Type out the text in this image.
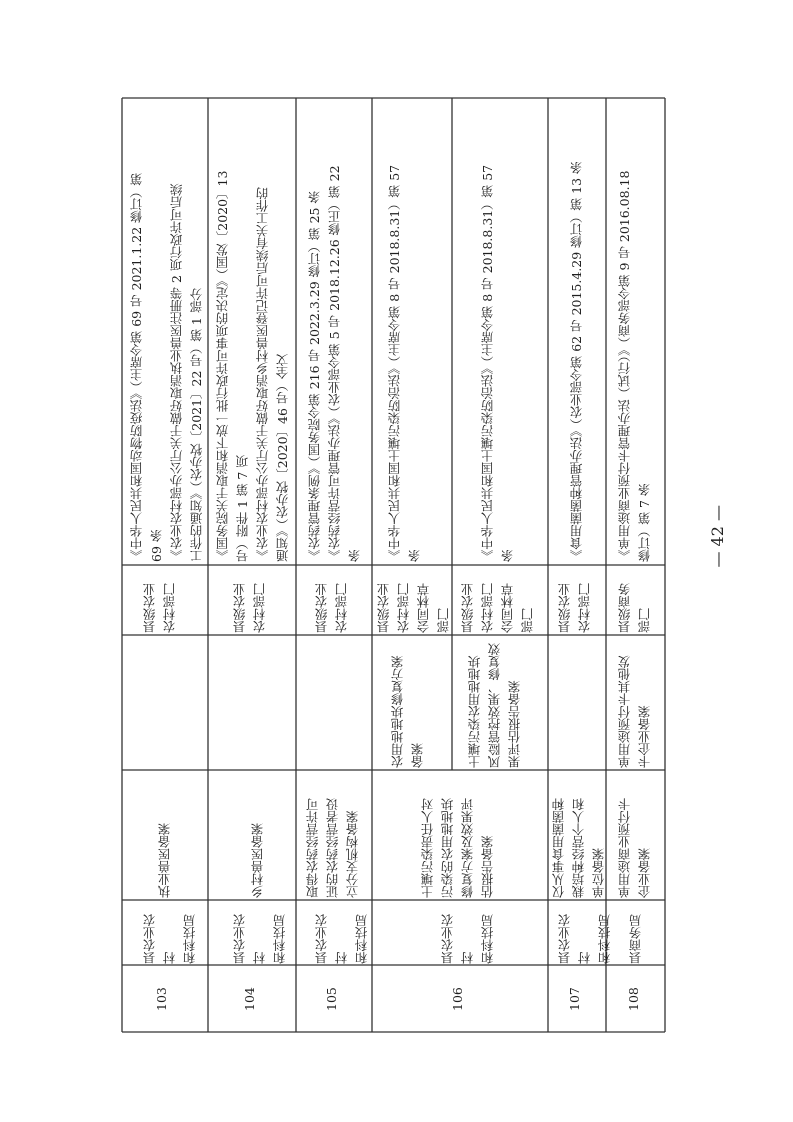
103
县农业农村
和科技局
执业兽医备案
县级农业
农村部门
《中华人民共和国动物防疫法》（主席令第 69 号 2021.1.22 修订）第
69 条
《农业农村部办公厅关于做好取消执业兽医注册等 2 项行政许可后续
工作的通知》（农办牧〔2021〕22 号）第 1 部分
104
县农业农村
和科技局
乡村兽医备案
县级农业
农村部门
《国务院关于取消和下放一批行政许可事项的决定》（国发〔2020〕13
号）附件 1 第 7 项
《农业农村部办公厅关于做好取消乡村兽医登记许可后续有关工作的
通知》（农办牧〔2020〕46 号）全文
105
县农业农村
和科技局
取得农药经营许可
证的农药经营者设
立分支机构备案
县级农业
农村部门
《农药管理条例》（国务院令第 216 号 2022.3.29 修订）第 25 条
《农药经营许可管理办法》（农业部令第 5 号 2018.12.26 修正）第 22
条
106
县农业农村
和科技局
土壤污染责任人对
污染的农用地地块
修复方案及效果评
估报告备案
农用地地块修复方案
备案	土壤污染农用地地块
风险管控效果、修复效
果评估报告备案
县级农业
农村部门
会同林草
部门 县级农业
农村部门
会同林草
部门
《中华人民共和国土壤污染防治法》（主席令第 8 号 2018.8.31）第 57
条	《中华人民共和国土壤污染防治法》（主席令第 8 号 2018.8.31）第 57
条
107
县农业农村
和科技局
仅从事食用菌菌种
栽培种经营个人和
单位备案
县级农业
农村部门
《食用菌菌种管理办法》（农业部令第 62 号 2015.4.29 修订）第 13 条
108
县商务局
单用途商业预付卡
企业备案
单用途预付卡其他发
卡企业备案
县级商务
部门
《单用途商业预付卡管理办法（试行）》（商务部令第 9 号 2016.08.18
修订）第 7 条
— 42 —
